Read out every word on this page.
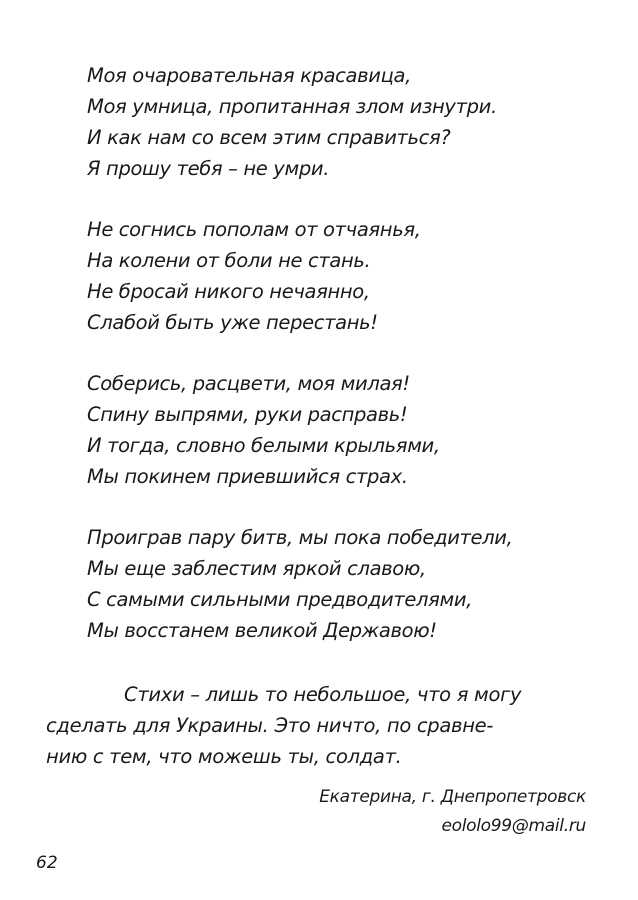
Моя очаровательная красавица,
Моя умница, пропитанная злом изнутри.
И как нам со всем этим справиться?
Я прошу тебя – не умри.
Не согнись пополам от отчаянья,
На колени от боли не стань.
Не бросай никого нечаянно,
Слабой быть уже перестань!
Соберись, расцвети, моя милая!
Спину выпрями, руки расправь!
И тогда, словно белыми крыльями,
Мы покинем приевшийся страх.
Проиграв пару битв, мы пока победители,
Мы еще заблестим яркой славою,
С самыми сильными предводителями,
Мы восстанем великой Державою!
Стихи – лишь то небольшое, что я могу
сделать для Украины. Это ничто, по сравне-
нию с тем, что можешь ты, солдат.
Екатерина, г. Днепропетровск
eololo99@mail.ru
62
